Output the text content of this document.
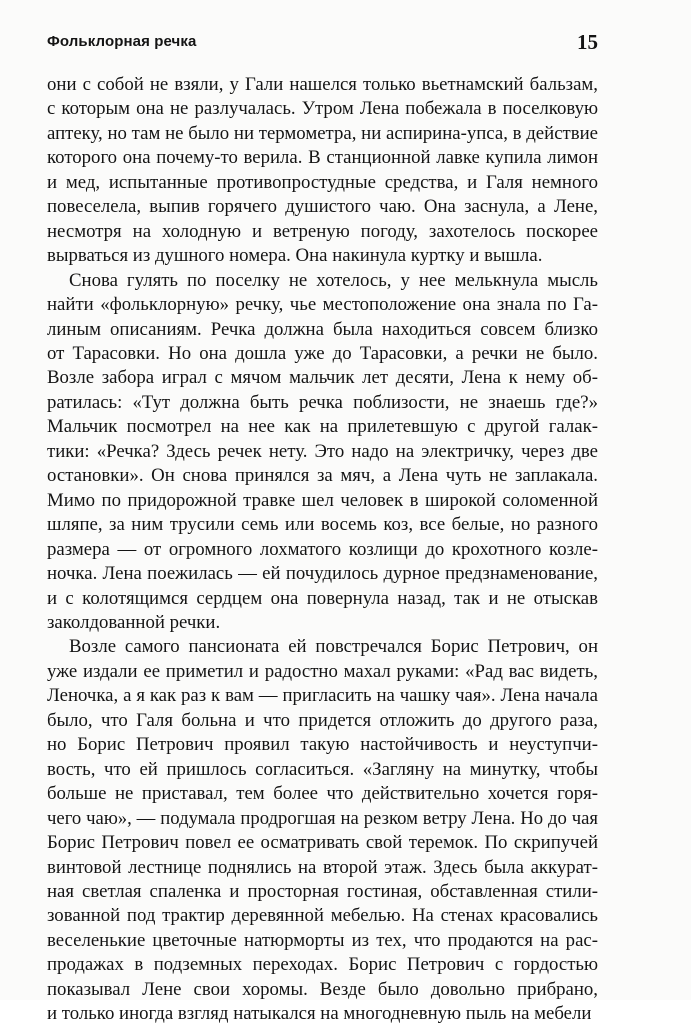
Фольклорная речка	15
они с собой не взяли, у Гали нашелся только вьетнамский бальзам,
с которым она не разлучалась. Утром Лена побежала в поселковую
аптеку, но там не было ни термометра, ни аспирина-упса, в действие
которого она почему-то верила. В станционной лавке купила лимон
и мед, испытанные противопростудные средства, и Галя немного
повеселела, выпив горячего душистого чаю. Она заснула, а Лене,
несмотря на холодную и ветреную погоду, захотелось поскорее
вырваться из душного номера. Она накинула куртку и вышла.
Снова гулять по поселку не хотелось, у нее мелькнула мысль
найти «фольклорную» речку, чье местоположение она знала по Га-
линым описаниям. Речка должна была находиться совсем близко
от Тарасовки. Но она дошла уже до Тарасовки, а речки не было.
Возле забора играл с мячом мальчик лет десяти, Лена к нему об-
ратилась: «Тут должна быть речка поблизости, не знаешь где?»
Мальчик посмотрел на нее как на прилетевшую с другой галак-
тики: «Речка? Здесь речек нету. Это надо на электричку, через две
остановки». Он снова принялся за мяч, а Лена чуть не заплакала.
Мимо по придорожной травке шел человек в широкой соломенной
шляпе, за ним трусили семь или восемь коз, все белые, но разного
размера — от огромного лохматого козлищи до крохотного козле-
ночка. Лена поежилась — ей почудилось дурное предзнаменование,
и с колотящимся сердцем она повернула назад, так и не отыскав
заколдованной речки.
Возле самого пансионата ей повстречался Борис Петрович, он
уже издали ее приметил и радостно махал руками: «Рад вас видеть,
Леночка, а я как раз к вам — пригласить на чашку чая». Лена начала
было, что Галя больна и что придется отложить до другого раза,
но Борис Петрович проявил такую настойчивость и неуступчи-
вость, что ей пришлось согласиться. «Загляну на минутку, чтобы
больше не приставал, тем более что действительно хочется горя-
чего чаю», — подумала продрогшая на резком ветру Лена. Но до чая
Борис Петрович повел ее осматривать свой теремок. По скрипучей
винтовой лестнице поднялись на второй этаж. Здесь была аккурат-
ная светлая спаленка и просторная гостиная, обставленная стили-
зованной под трактир деревянной мебелью. На стенах красовались
веселенькие цветочные натюрморты из тех, что продаются на рас-
продажах в подземных переходах. Борис Петрович с гордостью
показывал Лене свои хоромы. Везде было довольно прибрано,
и только иногда взгляд натыкался на многодневную пыль на мебели
